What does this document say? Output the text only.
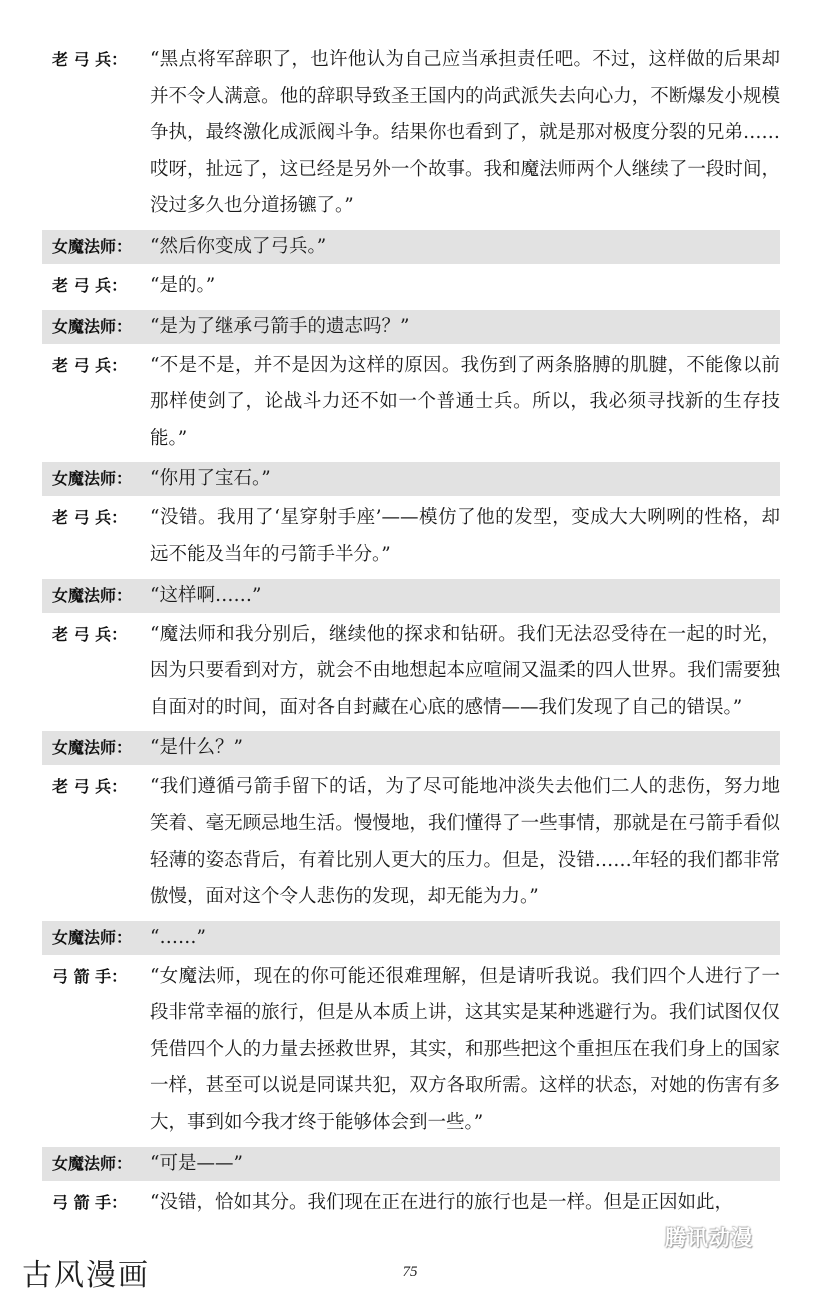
老 弓 兵：	“黑点将军辞职了，也许他认为自己应当承担责任吧。不过，这样做的后果却并不令人满意。他的辞职导致圣王国内的尚武派失去向心力，不断爆发小规模争执，最终激化成派阀斗争。结果你也看到了，就是那对极度分裂的兄弟……哎呀，扯远了，这已经是另外一个故事。我和魔法师两个人继续了一段时间，没过多久也分道扬镳了。”
女魔法师： “然后你变成了弓兵。”
老 弓 兵：	“是的。”
女魔法师： “是为了继承弓箭手的遗志吗？”
老 弓 兵：	“不是不是，并不是因为这样的原因。我伤到了两条胳膊的肌腱，不能像以前那样使剑了，论战斗力还不如一个普通士兵。所以，我必须寻找新的生存技能。”
女魔法师： “你用了宝石。”
老 弓 兵：	“没错。我用了‘星穿射手座’——模仿了他的发型，变成大大咧咧的性格，却远不能及当年的弓箭手半分。”
女魔法师： “这样啊……”
老 弓 兵：	“魔法师和我分别后，继续他的探求和钻研。我们无法忍受待在一起的时光，因为只要看到对方，就会不由地想起本应喧闹又温柔的四人世界。我们需要独自面对的时间，面对各自封藏在心底的感情——我们发现了自己的错误。”
女魔法师： “是什么？”
老 弓 兵：	“我们遵循弓箭手留下的话，为了尽可能地冲淡失去他们二人的悲伤，努力地笑着、毫无顾忌地生活。慢慢地，我们懂得了一些事情，那就是在弓箭手看似轻薄的姿态背后，有着比别人更大的压力。但是，没错……年轻的我们都非常傲慢，面对这个令人悲伤的发现，却无能为力。”
女魔法师： “……”
弓 箭 手：	“女魔法师，现在的你可能还很难理解，但是请听我说。我们四个人进行了一段非常幸福的旅行，但是从本质上讲，这其实是某种逃避行为。我们试图仅仅凭借四个人的力量去拯救世界，其实，和那些把这个重担压在我们身上的国家一样，甚至可以说是同谋共犯，双方各取所需。这样的状态，对她的伤害有多大，事到如今我才终于能够体会到一些。”
女魔法师： “可是——”
弓 箭 手：	“没错，恰如其分。我们现在正在进行的旅行也是一样。但是正因如此，
腾讯动漫
古风漫画	75
